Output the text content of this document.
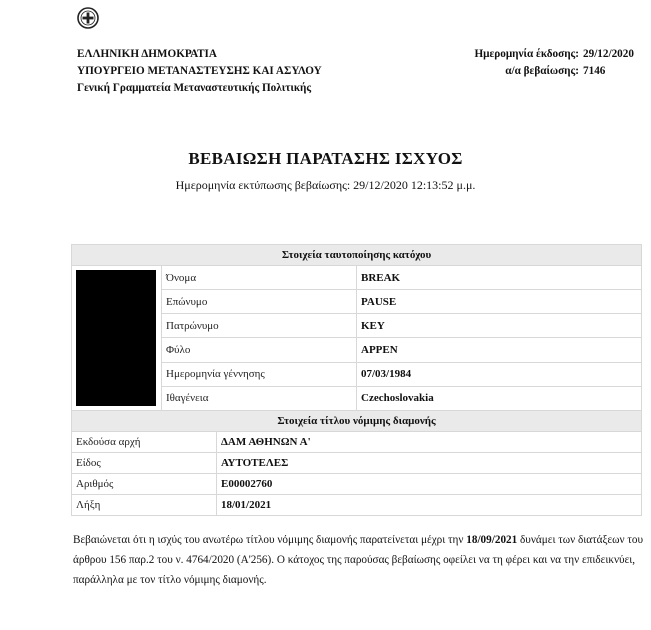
ΕΛΛΗΝΙΚΗ ΔΗΜΟΚΡΑΤΙΑ
ΥΠΟΥΡΓΕΙΟ ΜΕΤΑΝΑΣΤΕΥΣΗΣ ΚΑΙ ΑΣΥΛΟΥ
Γενική Γραμματεία Μεταναστευτικής Πολιτικής
Ημερομηνία έκδοσης: 29/12/2020
α/α βεβαίωσης: 7146
ΒΕΒΑΙΩΣΗ ΠΑΡΑΤΑΣΗΣ ΙΣΧΥΟΣ
Ημερομηνία εκτύπωσης βεβαίωσης: 29/12/2020 12:13:52 μ.μ.
Στοιχεία ταυτοποίησης κατόχου			

	Όνομα		BREAK
	Επώνυμο		PAUSE
	Πατρώνυμο		KEY
	Φύλο		APPEN
	Ημερομηνία γέννησης		07/03/1984
	Ιθαγένεια		Czechoslovakia
Στοιχεία τίτλου νόμιμης διαμονής			
Εκδούσα αρχή		ΔΑΜ ΑΘΗΝΩΝ Α'	
Είδος		ΑΥΤΟΤΕΛΕΣ	
Αριθμός		E00002760	
Λήξη		18/01/2021	
Βεβαιώνεται ότι η ισχύς του ανωτέρω τίτλου νόμιμης διαμονής παρατείνεται μέχρι την 18/09/2021 δυνάμει των διατάξεων του άρθρου 156 παρ.2 του ν. 4764/2020 (Α'256). Ο κάτοχος της παρούσας βεβαίωσης οφείλει να τη φέρει και να την επιδεικνύει, παράλληλα με τον τίτλο νόμιμης διαμονής.
